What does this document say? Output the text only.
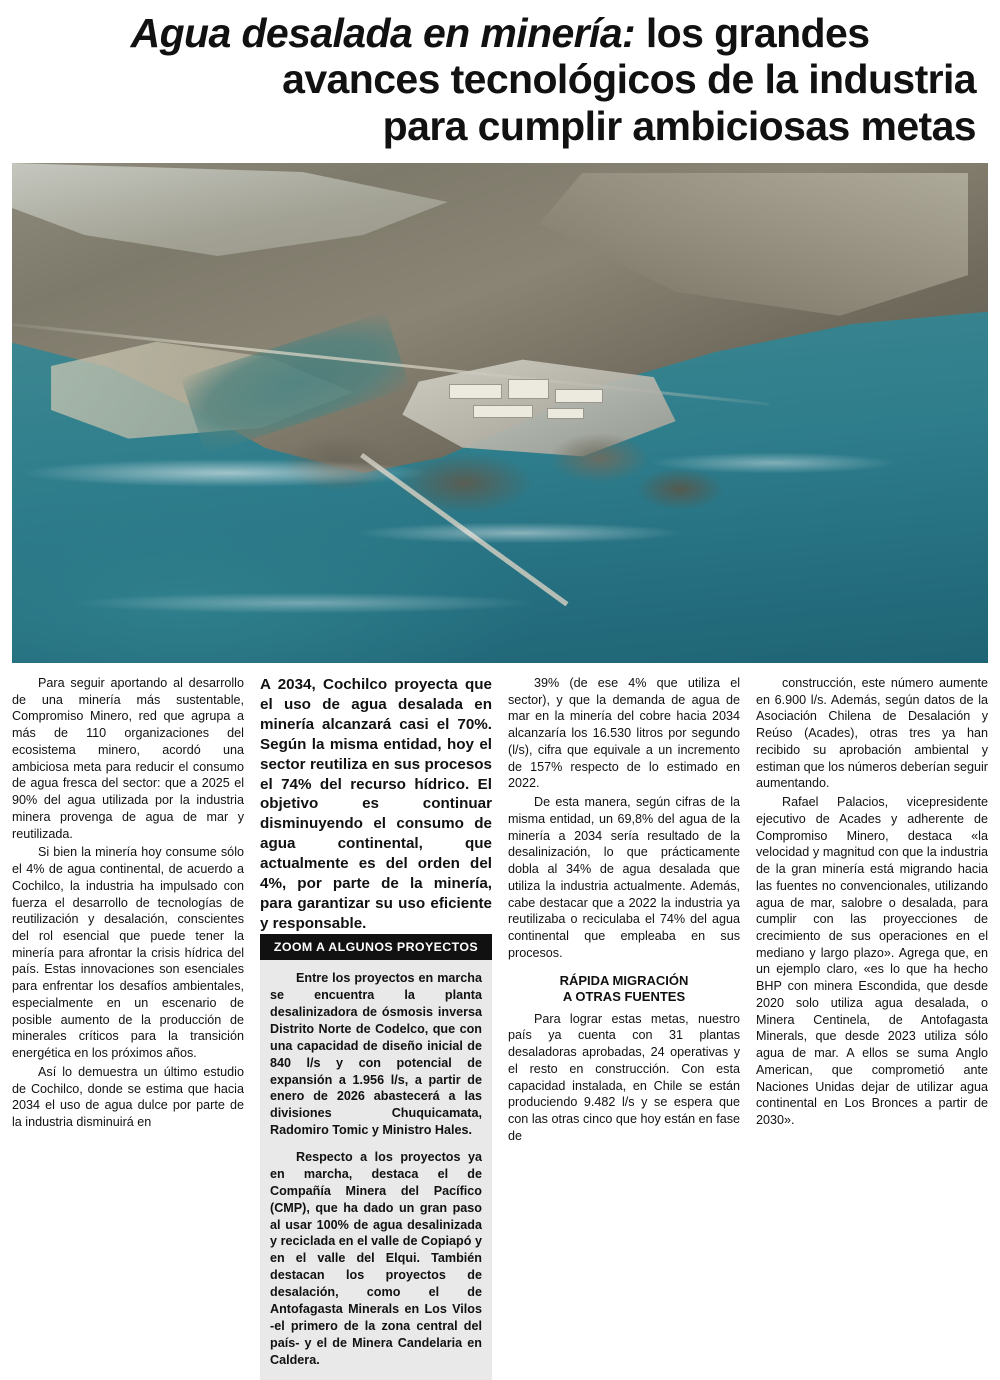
Agua desalada en minería: los grandes
avances tecnológicos de la industria
para cumplir ambiciosas metas

Para seguir aportando al desarrollo de una minería más sustentable, Compromiso Minero, red que agrupa a más de 110 organizaciones del ecosistema minero, acordó una ambiciosa meta para reducir el consumo de agua fresca del sector: que a 2025 el 90% del agua utilizada por la industria minera provenga de agua de mar y reutilizada.

Si bien la minería hoy consume sólo el 4% de agua continental, de acuerdo a Cochilco, la industria ha impulsado con fuerza el desarrollo de tecnologías de reutilización y desalación, conscientes del rol esencial que puede tener la minería para afrontar la crisis hídrica del país. Estas innovaciones son esenciales para enfrentar los desafíos ambientales, especialmente en un escenario de posible aumento de la producción de minerales críticos para la transición energética en los próximos años.

Así lo demuestra un último estudio de Cochilco, donde se estima que hacia 2034 el uso de agua dulce por parte de la industria disminuirá en

A 2034, Cochilco proyecta que el uso de agua desalada en minería alcanzará casi el 70%. Según la misma entidad, hoy el sector reutiliza en sus procesos el 74% del recurso hídrico. El objetivo es continuar disminuyendo el consumo de agua continental, que actualmente es del orden del 4%, por parte de la minería, para garantizar su uso eficiente y responsable.

ZOOM A ALGUNOS PROYECTOS

Entre los proyectos en marcha se encuentra la planta desalinizadora de ósmosis inversa Distrito Norte de Codelco, que con una capacidad de diseño inicial de 840 l/s y con potencial de expansión a 1.956 l/s, a partir de enero de 2026 abastecerá a las divisiones Chuquicamata, Radomiro Tomic y Ministro Hales.

Respecto a los proyectos ya en marcha, destaca el de Compañía Minera del Pacífico (CMP), que ha dado un gran paso al usar 100% de agua desalinizada y reciclada en el valle de Copiapó y en el valle del Elqui. También destacan los proyectos de desalación, como el de Antofagasta Minerals en Los Vilos -el primero de la zona central del país- y el de Minera Candelaria en Caldera.

39% (de ese 4% que utiliza el sector), y que la demanda de agua de mar en la minería del cobre hacia 2034 alcanzaría los 16.530 litros por segundo (l/s), cifra que equivale a un incremento de 157% respecto de lo estimado en 2022.

De esta manera, según cifras de la misma entidad, un 69,8% del agua de la minería a 2034 sería resultado de la desalinización, lo que prácticamente dobla al 34% de agua desalada que utiliza la industria actualmente. Además, cabe destacar que a 2022 la industria ya reutilizaba o reciculaba el 74% del agua continental que empleaba en sus procesos.

RÁPIDA MIGRACIÓN
A OTRAS FUENTES

Para lograr estas metas, nuestro país ya cuenta con 31 plantas desaladoras aprobadas, 24 operativas y el resto en construcción. Con esta capacidad instalada, en Chile se están produciendo 9.482 l/s y se espera que con las otras cinco que hoy están en fase de

construcción, este número aumente en 6.900 l/s. Además, según datos de la Asociación Chilena de Desalación y Reúso (Acades), otras tres ya han recibido su aprobación ambiental y estiman que los números deberían seguir aumentando.

Rafael Palacios, vicepresidente ejecutivo de Acades y adherente de Compromiso Minero, destaca «la velocidad y magnitud con que la industria de la gran minería está migrando hacia las fuentes no convencionales, utilizando agua de mar, salobre o desalada, para cumplir con las proyecciones de crecimiento de sus operaciones en el mediano y largo plazo». Agrega que, en un ejemplo claro, «es lo que ha hecho BHP con minera Escondida, que desde 2020 solo utiliza agua desalada, o Minera Centinela, de Antofagasta Minerals, que desde 2023 utiliza sólo agua de mar. A ellos se suma Anglo American, que comprometió ante Naciones Unidas dejar de utilizar agua continental en Los Bronces a partir de 2030».
